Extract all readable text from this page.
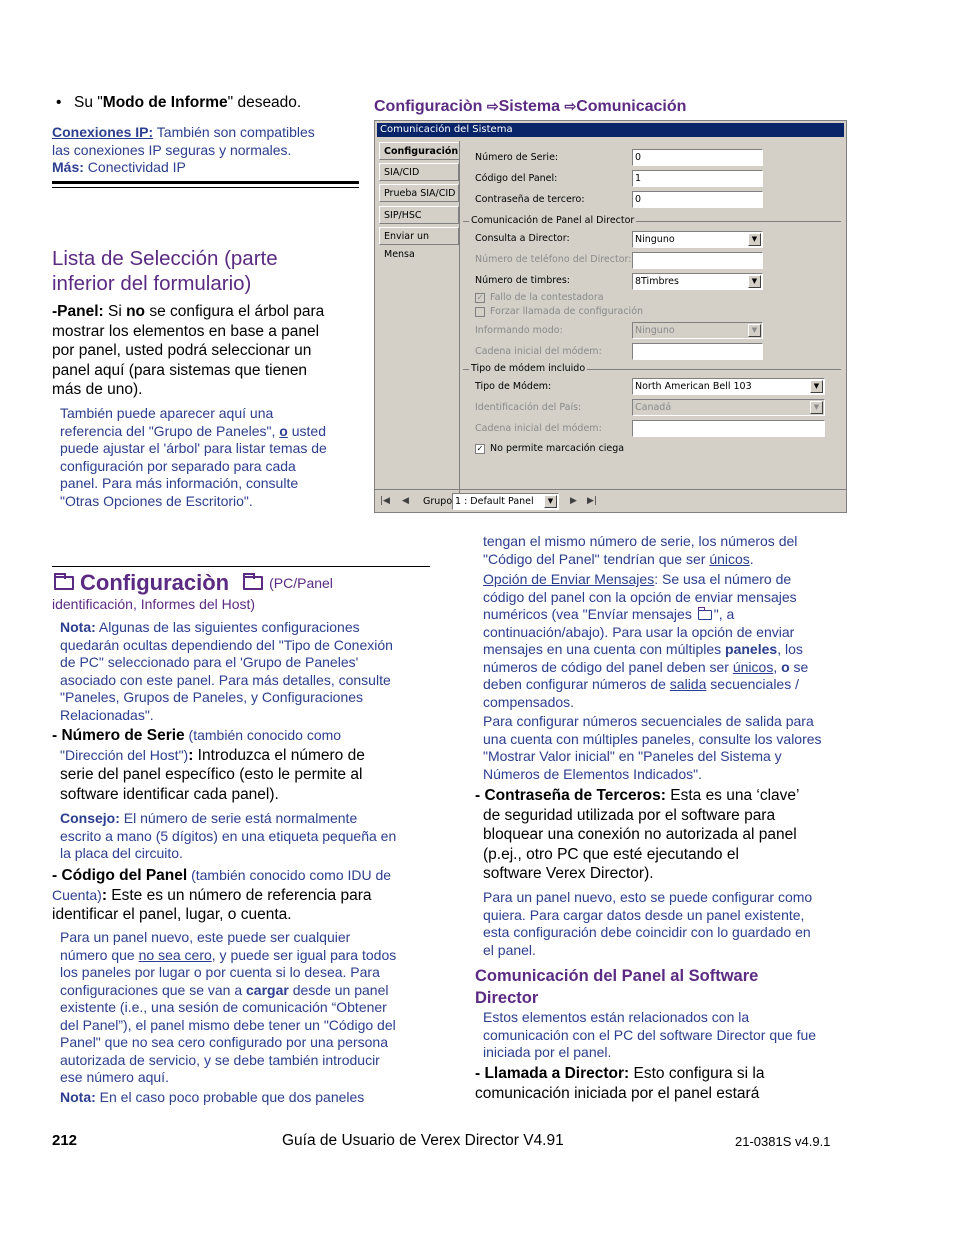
• Su "Modo de Informe" deseado.
Conexiones IP: También son compatibles
las conexiones IP seguras y normales.
Más: Conectividad IP
Lista de Selección (parte
inferior del formulario)
-Panel: Si no se configura el árbol para
mostrar los elementos en base a panel
por panel, usted podrá seleccionar un
panel aquí (para sistemas que tienen
más de uno).
También puede aparecer aquí una
referencia del "Grupo de Paneles", o usted
puede ajustar el 'árbol' para listar temas de
configuración por separado para cada
panel. Para más información, consulte
"Otras Opciones de Escritorio".
Configuraciòn	(PC/Panel
identificación, Informes del Host)
Nota: Algunas de las siguientes configuraciones
quedarán ocultas dependiendo del "Tipo de Conexión
de PC" seleccionado para el 'Grupo de Paneles'
asociado con este panel. Para más detalles, consulte
"Paneles, Grupos de Paneles, y Configuraciones
Relacionadas".
- Número de Serie (también conocido como
"Dirección del Host"): Introduzca el número de
serie del panel específico (esto le permite al
software identificar cada panel).
Consejo: El número de serie está normalmente
escrito a mano (5 dígitos) en una etiqueta pequeña en
la placa del circuito.
- Código del Panel (también conocido como IDU de
Cuenta): Este es un número de referencia para
identificar el panel, lugar, o cuenta.
Para un panel nuevo, este puede ser cualquier
número que no sea cero, y puede ser igual para todos
los paneles por lugar o por cuenta si lo desea. Para
configuraciones que se van a cargar desde un panel
existente (i.e., una sesión de comunicación “Obtener
del Panel”), el panel mismo debe tener un "Código del
Panel" que no sea cero configurado por una persona
autorizada de servicio, y se debe también introducir
ese número aquí.
Nota: En el caso poco probable que dos paneles
Configuraciòn ⇨Sistema ⇨Comunicación
Comunicación del Sistema
Configuración
SIA/CID
Prueba SIA/CID
SIP/HSC
Enviar un Mensa
Número de Serie:	0
Código del Panel:	1
Contraseña de tercero:	0
Comunicación de Panel al Director
Consulta a Director:	Ninguno	▼
Número de teléfono del Director:
Número de timbres:	8Timbres	▼
✓ Fallo de la contestadora
Forzar llamada de configuración
Informando modo:	Ninguno	▼
Cadena inicial del módem:
Tipo de módem incluido
Tipo de Módem:	North American Bell 103	▼
Identificación del País:	Canadá	▼
Cadena inicial del módem:
✓ No permite marcación ciega
|◀ ◀ Grupo 1 : Default Panel	▼	▶ ▶|
tengan el mismo número de serie, los números del
"Código del Panel" tendrían que ser únicos.
Opción de Enviar Mensajes: Se usa el número de
código del panel con la opción de enviar mensajes
numéricos (vea "Envíar mensajes ", a
continuación/abajo). Para usar la opción de enviar
mensajes en una cuenta con múltiples paneles, los
números de código del panel deben ser únicos, o se
deben configurar números de salida secuenciales /
compensados.
Para configurar números secuenciales de salida para
una cuenta con múltiples paneles, consulte los valores
"Mostrar Valor inicial" en "Paneles del Sistema y
Números de Elementos Indicados".
- Contraseña de Terceros: Esta es una ‘clave’
de seguridad utilizada por el software para
bloquear una conexión no autorizada al panel
(p.ej., otro PC que esté ejecutando el
software Verex Director).
Para un panel nuevo, esto se puede configurar como
quiera. Para cargar datos desde un panel existente,
esta configuración debe coincidir con lo guardado en
el panel.
Comunicación del Panel al Software
Director
Estos elementos están relacionados con la
comunicación con el PC del software Director que fue
iniciada por el panel.
- Llamada a Director: Esto configura si la
comunicación iniciada por el panel estará
212	Guía de Usuario de Verex Director V4.91	21-0381S v4.9.1
